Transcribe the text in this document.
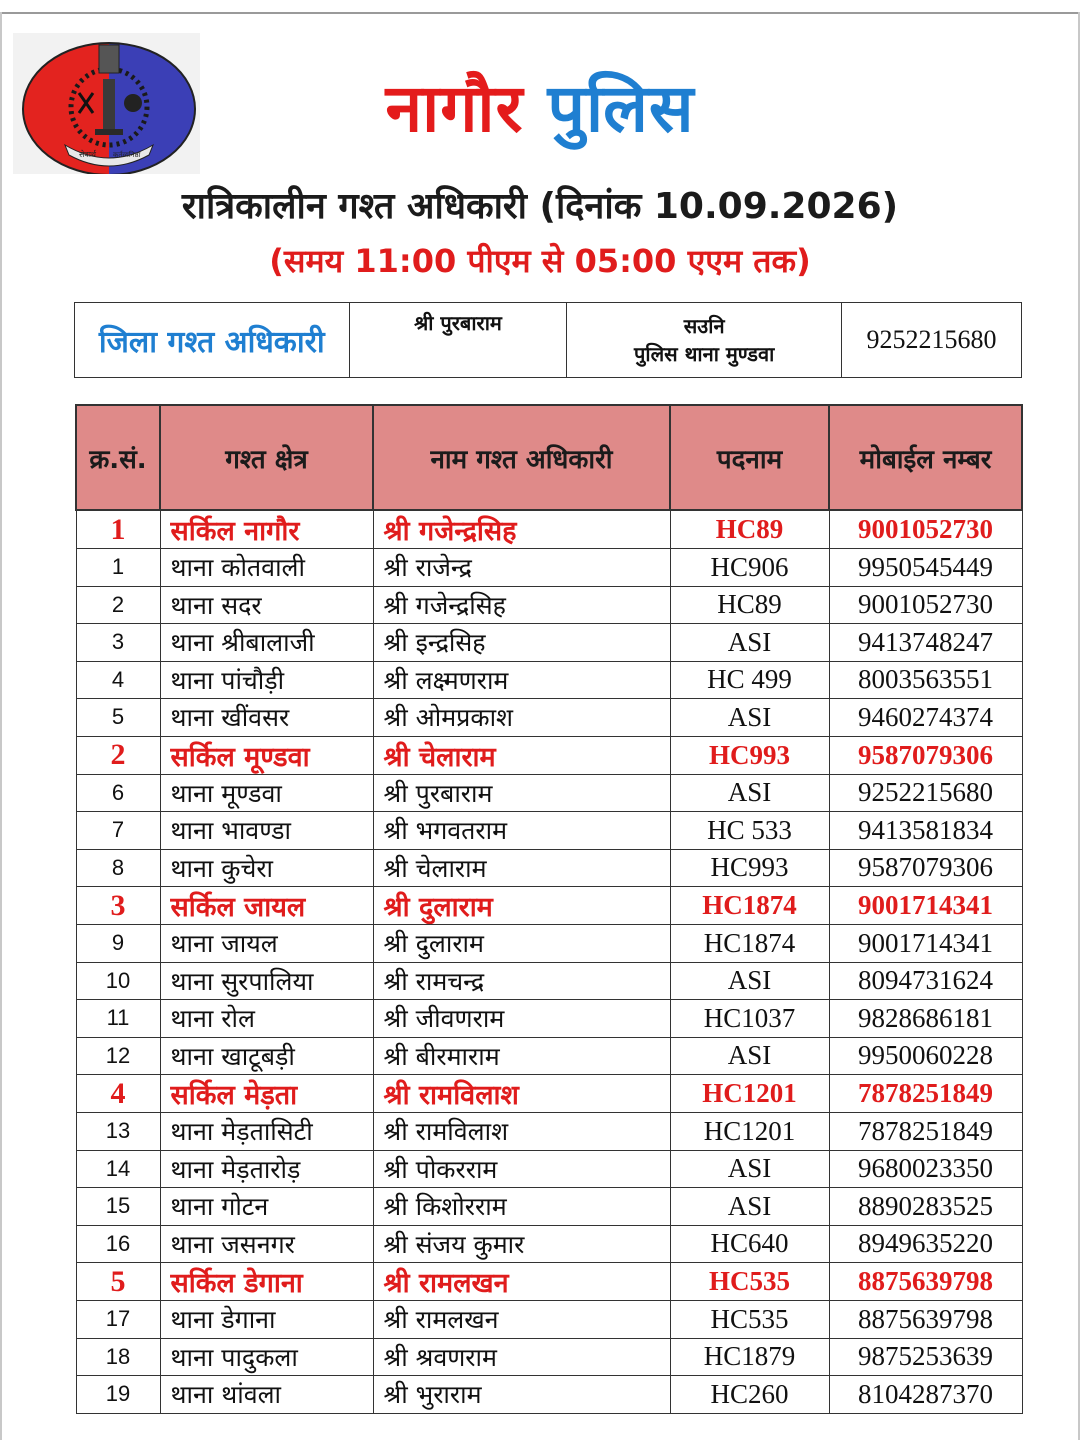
सेवार्थ कर्तव्यनिष्ठा
नागौर पुलिस
रात्रिकालीन गश्त अधिकारी (दिनांक 10.09.2026)
(समय 11:00 पीएम से 05:00 एएम तक)
जिला गश्त अधिकारी	श्री पुरबाराम	सउनि
पुलिस थाना मुण्डवा	9252215680
क्र.सं.	गश्त क्षेत्र	नाम गश्त अधिकारी	पदनाम	मोबाईल नम्बर
1	सर्किल नागौर	श्री गजेन्द्रसिह	HC89	9001052730
1	थाना कोतवाली	श्री राजेन्द्र	HC906	9950545449
2	थाना सदर	श्री गजेन्द्रसिह	HC89	9001052730
3	थाना श्रीबालाजी	श्री इन्द्रसिह	ASI	9413748247
4	थाना पांचौड़ी	श्री लक्ष्मणराम	HC 499	8003563551
5	थाना खींवसर	श्री ओमप्रकाश	ASI	9460274374
2	सर्किल मूण्डवा	श्री चेलाराम	HC993	9587079306
6	थाना मूण्डवा	श्री पुरबाराम	ASI	9252215680
7	थाना भावण्डा	श्री भगवतराम	HC 533	9413581834
8	थाना कुचेरा	श्री चेलाराम	HC993	9587079306
3	सर्किल जायल	श्री दुलाराम	HC1874	9001714341
9	थाना जायल	श्री दुलाराम	HC1874	9001714341
10	थाना सुरपालिया	श्री रामचन्द्र	ASI	8094731624
11	थाना रोल	श्री जीवणराम	HC1037	9828686181
12	थाना खाटूबड़ी	श्री बीरमाराम	ASI	9950060228
4	सर्किल मेड़ता	श्री रामविलाश	HC1201	7878251849
13	थाना मेड़तासिटी	श्री रामविलाश	HC1201	7878251849
14	थाना मेड़तारोड़	श्री पोकरराम	ASI	9680023350
15	थाना गोटन	श्री किशोरराम	ASI	8890283525
16	थाना जसनगर	श्री संजय कुमार	HC640	8949635220
5	सर्किल डेगाना	श्री रामलखन	HC535	8875639798
17	थाना डेगाना	श्री रामलखन	HC535	8875639798
18	थाना पादुकला	श्री श्रवणराम	HC1879	9875253639
19	थाना थांवला	श्री भुराराम	HC260	8104287370
